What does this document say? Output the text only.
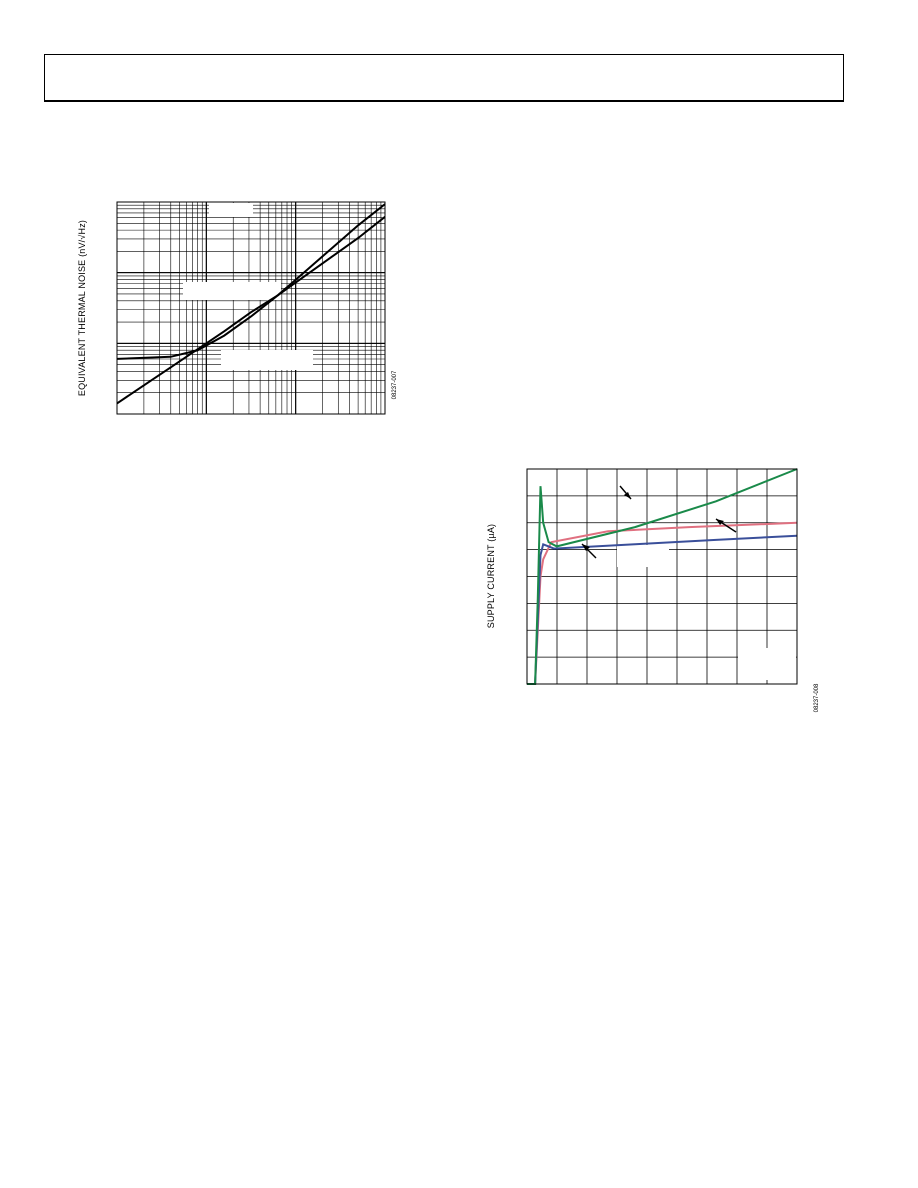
EQUIVALENT THERMAL NOISE (nV/√Hz)	08237-007
SUPPLY CURRENT (µA)
08237-008
